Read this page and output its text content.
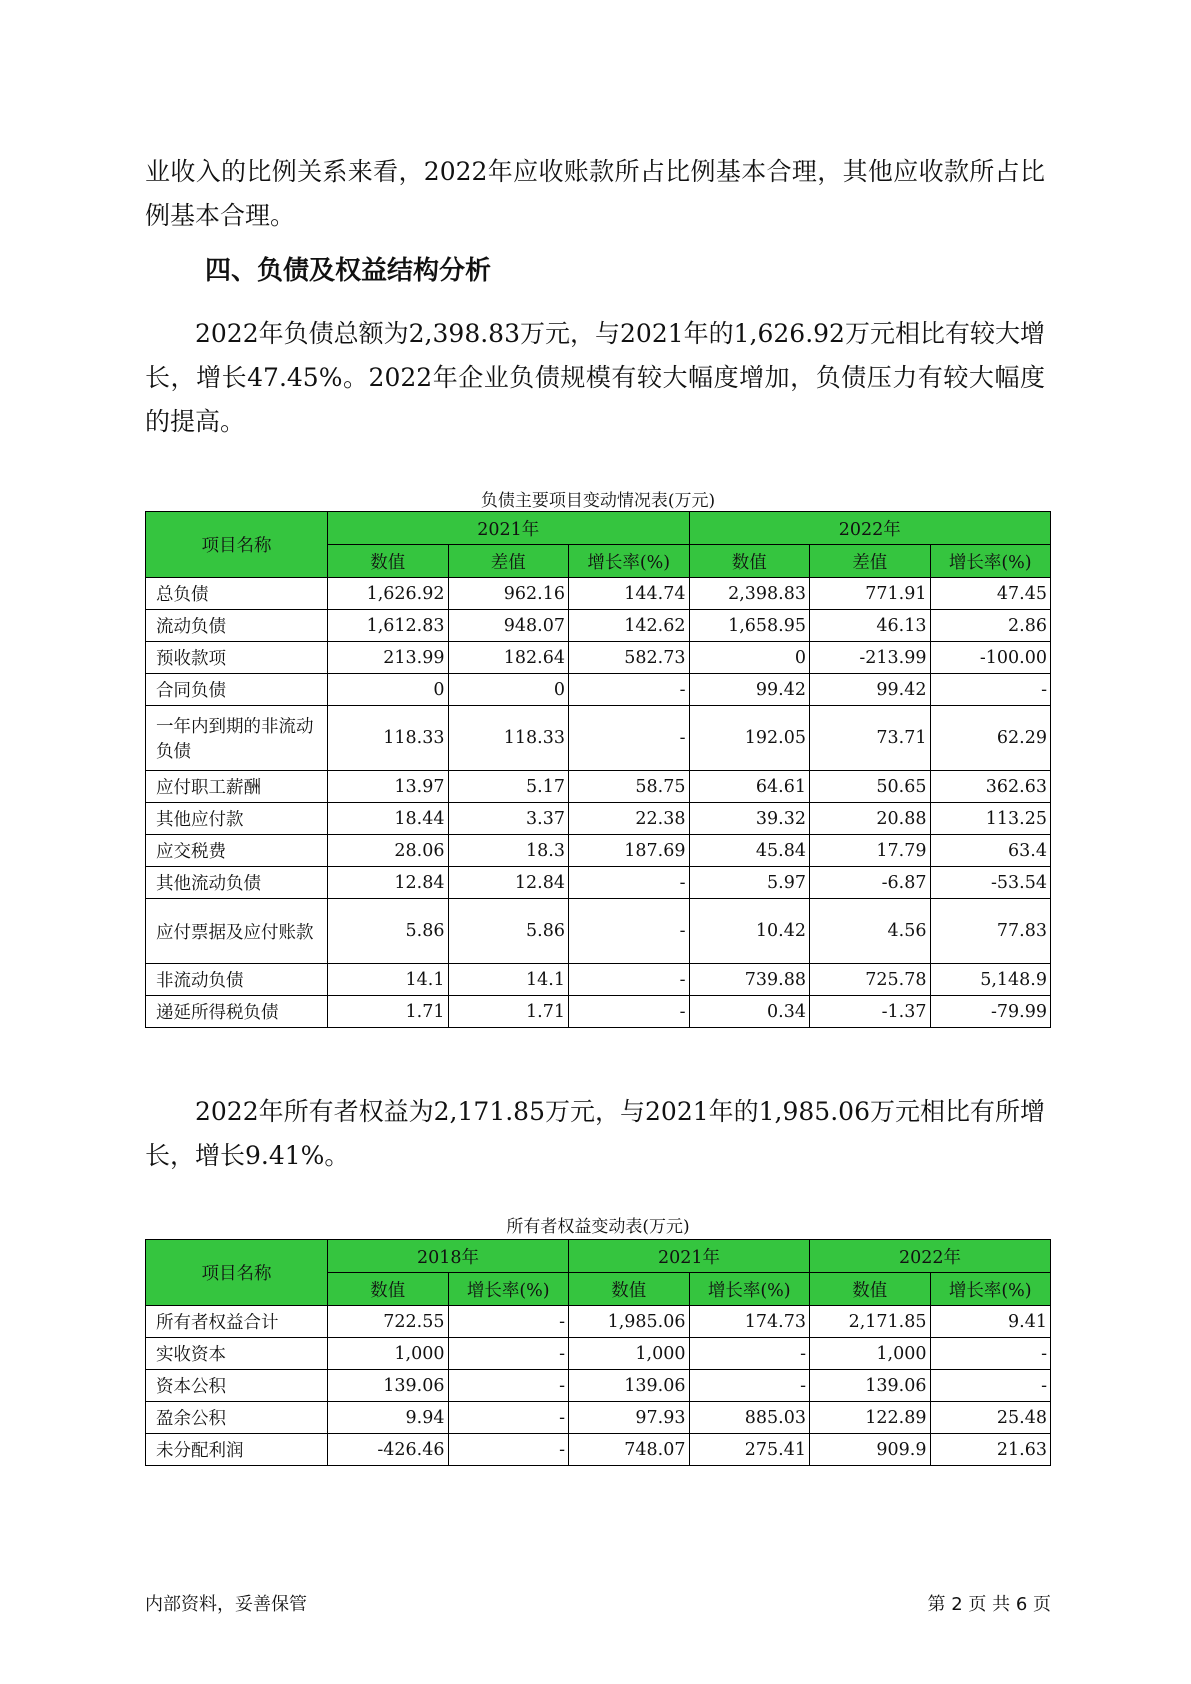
业收入的比例关系来看，2022年应收账款所占比例基本合理，其他应收款所占比例基本合理。

四、负债及权益结构分析

2022年负债总额为2,398.83万元，与2021年的1,626.92万元相比有较大增长，增长47.45%。2022年企业负债规模有较大幅度增加，负债压力有较大幅度的提高。

负债主要项目变动情况表(万元)

项目名称	2021年			2022年		
	数值	差值	增长率(%)	数值	差值	增长率(%)
总负债	1,626.92	962.16	144.74	2,398.83	771.91	47.45
流动负债	1,612.83	948.07	142.62	1,658.95	46.13	2.86
预收款项	213.99	182.64	582.73	0	-213.99	-100.00
合同负债	0	0	-	99.42	99.42	-
一年内到期的非流动负债	118.33	118.33	-	192.05	73.71	62.29
应付职工薪酬	13.97	5.17	58.75	64.61	50.65	362.63
其他应付款	18.44	3.37	22.38	39.32	20.88	113.25
应交税费	28.06	18.3	187.69	45.84	17.79	63.4
其他流动负债	12.84	12.84	-	5.97	-6.87	-53.54
应付票据及应付账款	5.86	5.86	-	10.42	4.56	77.83
非流动负债	14.1	14.1	-	739.88	725.78	5,148.9
递延所得税负债	1.71	1.71	-	0.34	-1.37	-79.99

2022年所有者权益为2,171.85万元，与2021年的1,985.06万元相比有所增长，增长9.41%。

所有者权益变动表(万元)

项目名称	2018年		2021年		2022年	
	数值	增长率(%)	数值	增长率(%)	数值	增长率(%)
所有者权益合计	722.55	-	1,985.06	174.73	2,171.85	9.41
实收资本	1,000	-	1,000	-	1,000	-
资本公积	139.06	-	139.06	-	139.06	-
盈余公积	9.94	-	97.93	885.03	122.89	25.48
未分配利润	-426.46	-	748.07	275.41	909.9	21.63

内部资料，妥善保管	第 2 页 共 6 页
